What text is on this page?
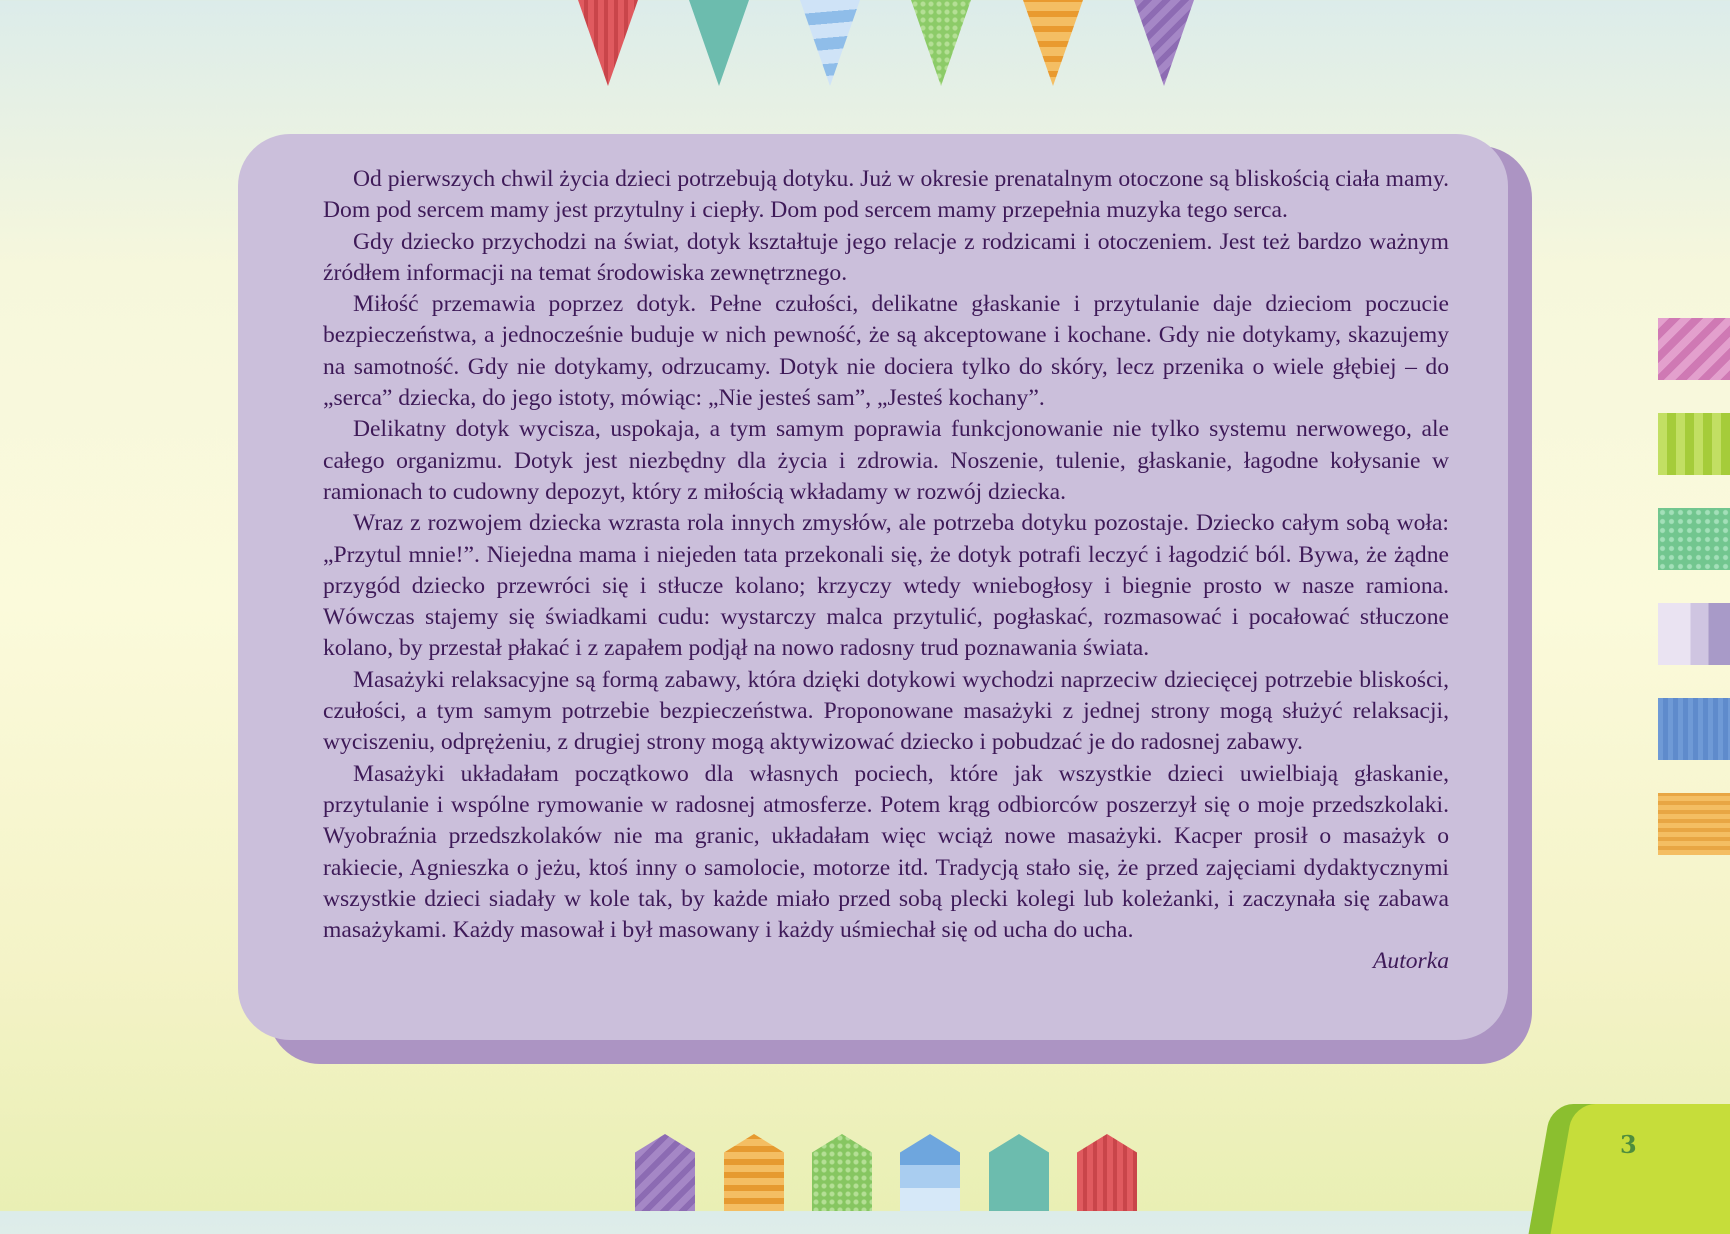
Od pierwszych chwil życia dzieci potrzebują dotyku. Już w okresie prenatalnym otoczone są bliskością ciała mamy. Dom pod sercem mamy jest przytulny i ciepły. Dom pod sercem mamy przepełnia muzyka tego serca.

Gdy dziecko przychodzi na świat, dotyk kształtuje jego relacje z rodzicami i otoczeniem. Jest też bardzo ważnym źródłem informacji na temat środowiska zewnętrznego.

Miłość przemawia poprzez dotyk. Pełne czułości, delikatne głaskanie i przytulanie daje dzieciom poczucie bezpieczeństwa, a jednocześnie buduje w nich pewność, że są akceptowane i kochane. Gdy nie dotykamy, skazujemy na samotność. Gdy nie dotykamy, odrzucamy. Dotyk nie dociera tylko do skóry, lecz przenika o wiele głębiej – do „serca” dziecka, do jego istoty, mówiąc: „Nie jesteś sam”, „Jesteś kochany”.

Delikatny dotyk wycisza, uspokaja, a tym samym poprawia funkcjonowanie nie tylko systemu nerwowego, ale całego organizmu. Dotyk jest niezbędny dla życia i zdrowia. Noszenie, tulenie, głaskanie, łagodne kołysanie w ramionach to cudowny depozyt, który z miłością wkładamy w rozwój dziecka.

Wraz z rozwojem dziecka wzrasta rola innych zmysłów, ale potrzeba dotyku pozostaje. Dziecko całym sobą woła: „Przytul mnie!”. Niejedna mama i niejeden tata przekonali się, że dotyk potrafi leczyć i łagodzić ból. Bywa, że żądne przygód dziecko przewróci się i stłucze kolano; krzyczy wtedy wniebogłosy i biegnie prosto w nasze ramiona. Wówczas stajemy się świadkami cudu: wystarczy malca przytulić, pogłaskać, rozmasować i pocałować stłuczone kolano, by przestał płakać i z zapałem podjął na nowo radosny trud poznawania świata.

Masażyki relaksacyjne są formą zabawy, która dzięki dotykowi wychodzi naprzeciw dziecięcej potrzebie bliskości, czułości, a tym samym potrzebie bezpieczeństwa. Proponowane masażyki z jednej strony mogą służyć relaksacji, wyciszeniu, odprężeniu, z drugiej strony mogą aktywizować dziecko i pobudzać je do radosnej zabawy.

Masażyki układałam początkowo dla własnych pociech, które jak wszystkie dzieci uwielbiają głaskanie, przytulanie i wspólne rymowanie w radosnej atmosferze. Potem krąg odbiorców poszerzył się o moje przedszkolaki. Wyobraźnia przedszkolaków nie ma granic, układałam więc wciąż nowe masażyki. Kacper prosił o masażyk o rakiecie, Agnieszka o jeżu, ktoś inny o samolocie, motorze itd. Tradycją stało się, że przed zajęciami dydaktycznymi wszystkie dzieci siadały w kole tak, by każde miało przed sobą plecki kolegi lub koleżanki, i zaczynała się zabawa masażykami. Każdy masował i był masowany i każdy uśmiechał się od ucha do ucha.

Autorka

3
